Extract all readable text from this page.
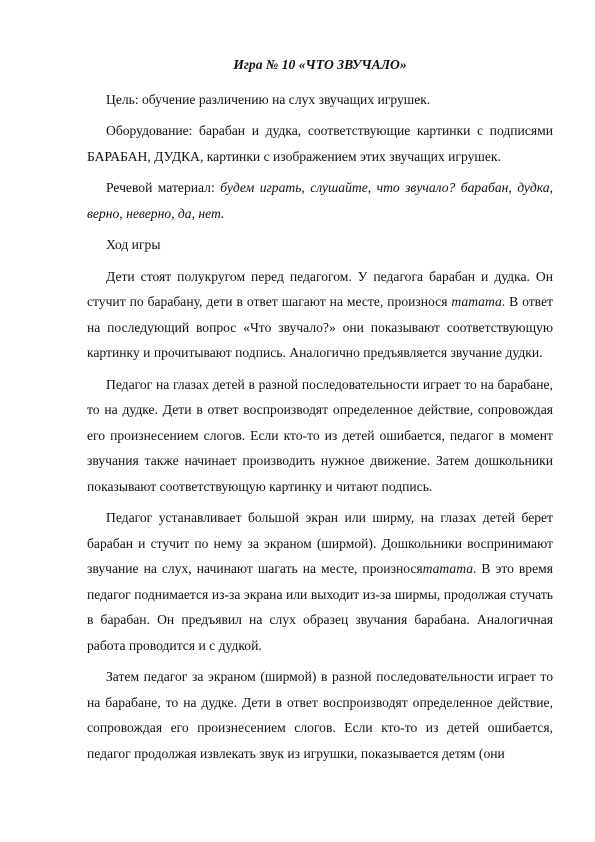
Игра № 10 «ЧТО ЗВУЧАЛО»
Цель: обучение различению на слух звучащих игрушек.
Оборудование: барабан и дудка, соответствующие картинки с подписями БАРАБАН, ДУДКА, картинки с изображением этих звучащих игрушек.
Речевой материал: будем играть, слушайте, что звучало? барабан, дудка, верно, неверно, да, нет.
Ход игры
Дети стоят полукругом перед педагогом. У педагога барабан и дудка. Он стучит по барабану, дети в ответ шагают на месте, произнося татата. В ответ на последующий вопрос «Что звучало?» они показывают соответствующую картинку и прочитывают подпись. Аналогично предъявляется звучание дудки.
Педагог на глазах детей в разной последовательности играет то на барабане, то на дудке. Дети в ответ воспроизводят определенное действие, сопровождая его произнесением слогов. Если кто-то из детей ошибается, педагог в момент звучания также начинает производить нужное движение. Затем дошкольники показывают соответствующую картинку и читают подпись.
Педагог устанавливает большой экран или ширму, на глазах детей берет барабан и стучит по нему за экраном (ширмой). Дошкольники воспринимают звучание на слух, начинают шагать на месте, произносятатата. В это время педагог поднимается из-за экрана или выходит из-за ширмы, продолжая стучать в барабан. Он предъявил на слух образец звучания барабана. Аналогичная работа проводится и с дудкой.
Затем педагог за экраном (ширмой) в разной последовательности играет то на барабане, то на дудке. Дети в ответ воспроизводят определенное действие, сопровождая его произнесением слогов. Если кто-то из детей ошибается, педагог продолжая извлекать звук из игрушки, показывается детям (они
